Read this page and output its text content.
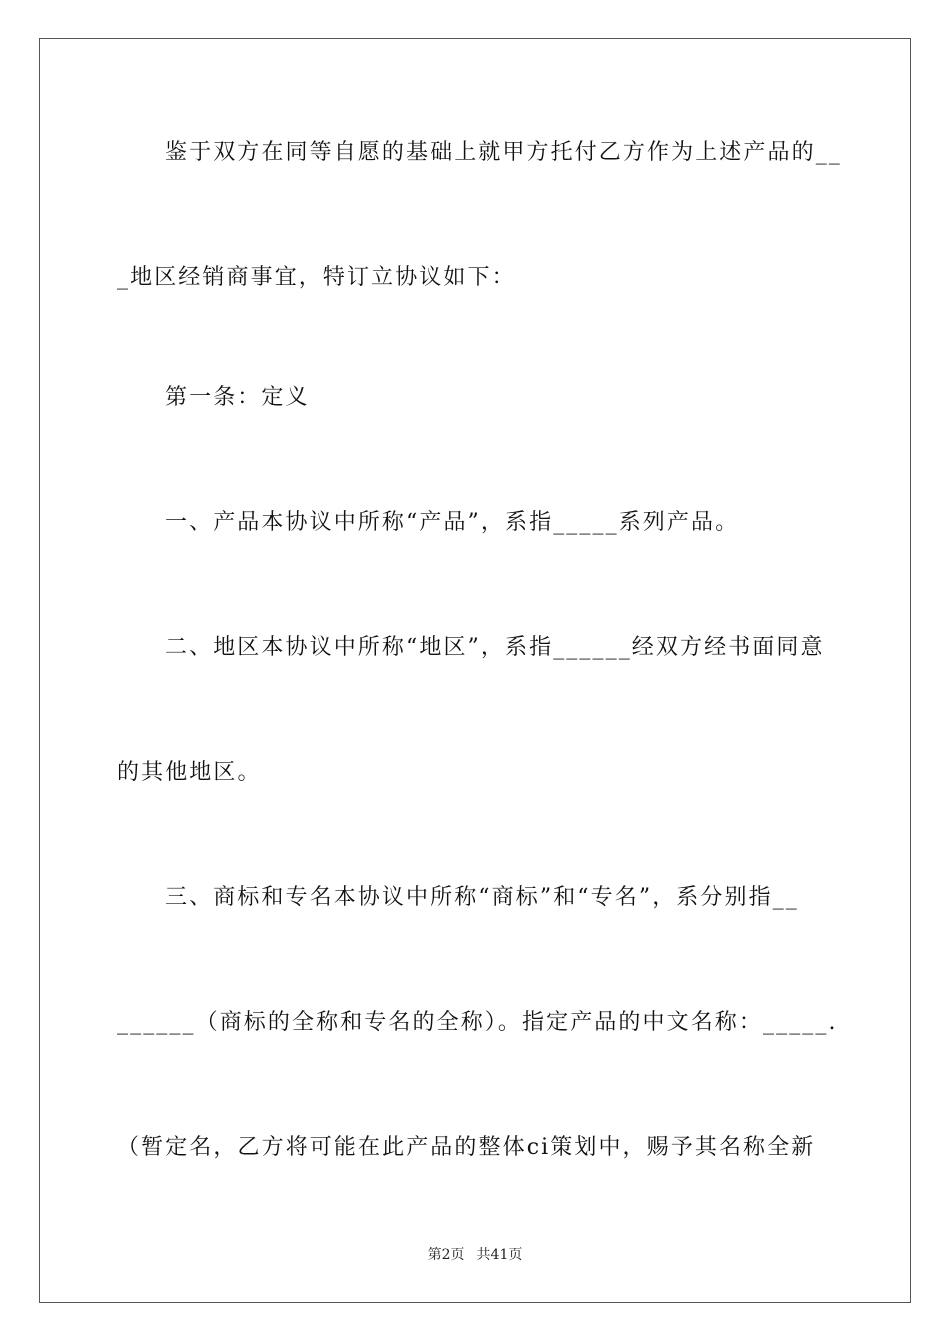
鉴于双方在同等自愿的基础上就甲方托付乙方作为上述产品的__
_地区经销商事宜，特订立协议如下：
第一条：定义
一、产品本协议中所称“产品”，系指_____系列产品。
二、地区本协议中所称“地区”，系指______经双方经书面同意
的其他地区。
三、商标和专名本协议中所称“商标”和“专名”，系分别指__
______（商标的全称和专名的全称）。指定产品的中文名称：_____.
（暂定名，乙方将可能在此产品的整体ci策划中，赐予其名称全新
第2页 共41页
